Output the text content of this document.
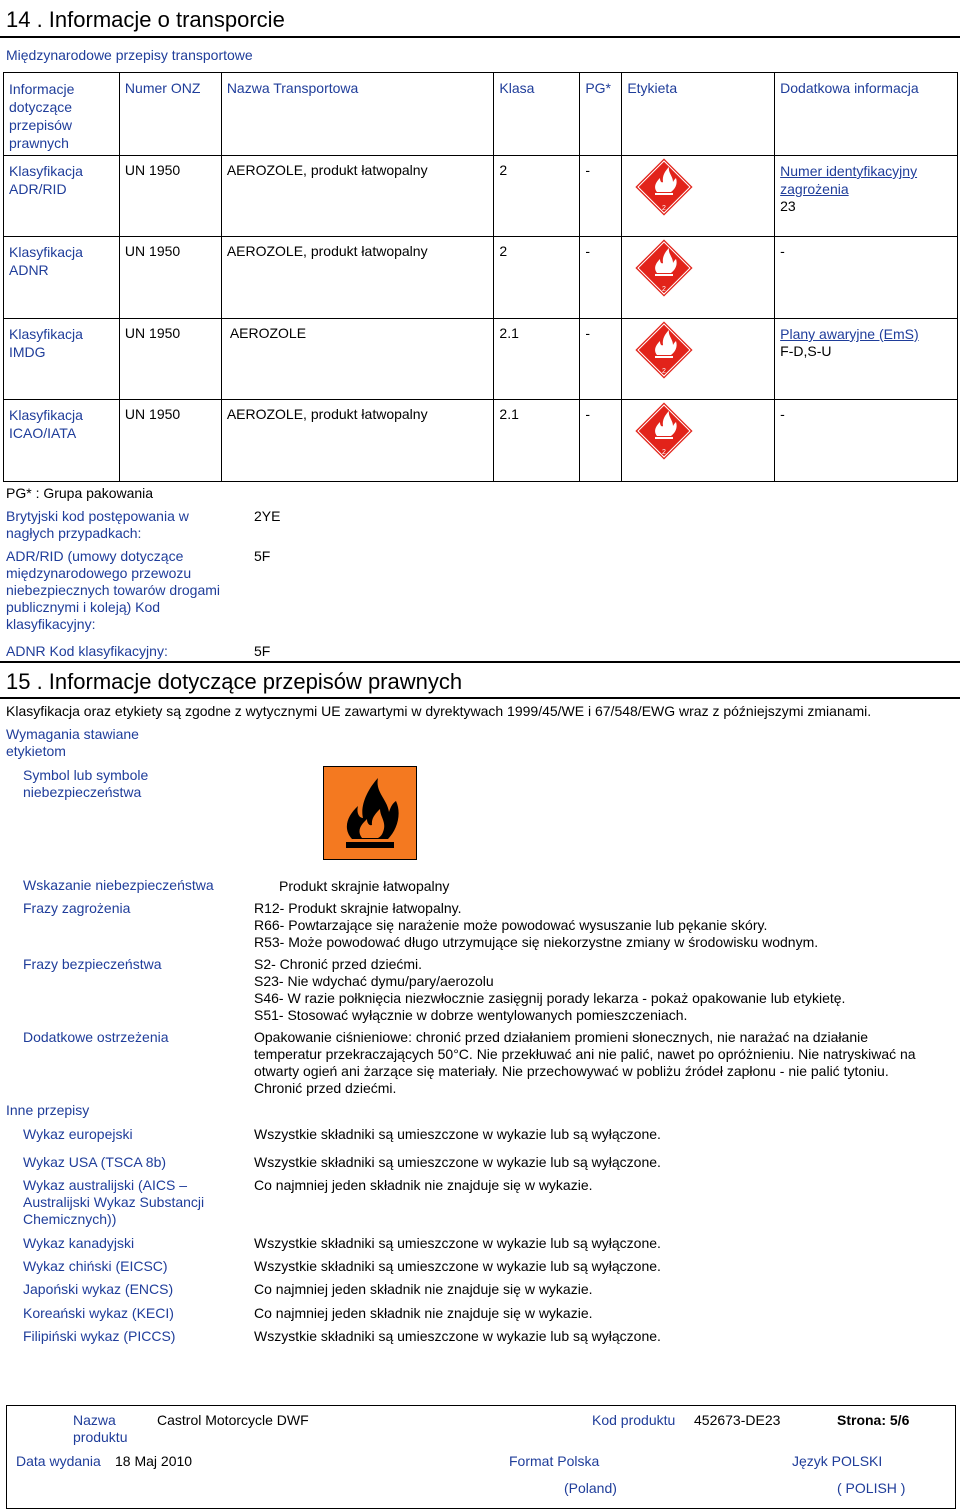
14 . Informacje o transporcie
Międzynarodowe przepisy transportowe
Informacje dotyczące przepisów prawnych	Numer ONZ	Nazwa Transportowa	Klasa	PG*	Etykieta	Dodatkowa informacja
Klasyfikacja ADR/RID	UN 1950	AEROZOLE, produkt łatwopalny	2	-	2	Numer identyfikacyjny zagrożenia
23

Klasyfikacja ADNR	UN 1950	AEROZOLE, produkt łatwopalny	2	-	2	-

Klasyfikacja IMDG	UN 1950	AEROZOLE	2.1	-	2	Plany awaryjne (EmS)
F-D,S-U

Klasyfikacja ICAO/IATA	UN 1950	AEROZOLE, produkt łatwopalny	2.1	-	2	-
PG* : Grupa pakowania
Brytyjski kod postępowania w nagłych przypadkach:
2YE
ADR/RID (umowy dotyczące międzynarodowego przewozu niebezpiecznych towarów drogami publicznymi i koleją) Kod klasyfikacyjny:
5F
ADNR Kod klasyfikacyjny:	5F
15 . Informacje dotyczące przepisów prawnych
Klasyfikacja oraz etykiety są zgodne z wytycznymi UE zawartymi w dyrektywach 1999/45/WE i 67/548/EWG wraz z późniejszymi zmianami.
Wymagania stawiane etykietom
Symbol lub symbole niebezpieczeństwa
Wskazanie niebezpieczeństwa	Produkt skrajnie łatwopalny
Frazy zagrożenia	R12- Produkt skrajnie łatwopalny.
R66- Powtarzające się narażenie może powodować wysuszanie lub pękanie skóry.
R53- Może powodować długo utrzymujące się niekorzystne zmiany w środowisku wodnym.
Frazy bezpieczeństwa	S2- Chronić przed dziećmi.
S23- Nie wdychać dymu/pary/aerozolu
S46- W razie połknięcia niezwłocznie zasięgnij porady lekarza - pokaż opakowanie lub etykietę.
S51- Stosować wyłącznie w dobrze wentylowanych pomieszczeniach.
Dodatkowe ostrzeżenia	Opakowanie ciśnieniowe: chronić przed działaniem promieni słonecznych, nie narażać na działanie
temperatur przekraczających 50°C. Nie przekłuwać ani nie palić, nawet po opróżnieniu. Nie natryskiwać na
otwarty ogień ani żarzące się materiały. Nie przechowywać w pobliżu źródeł zapłonu - nie palić tytoniu.
Chronić przed dziećmi.
Inne przepisy
Wykaz europejski	Wszystkie składniki są umieszczone w wykazie lub są wyłączone.
Wykaz USA (TSCA 8b)	Wszystkie składniki są umieszczone w wykazie lub są wyłączone.
Wykaz australijski (AICS – Australijski Wykaz Substancji Chemicznych))
Co najmniej jeden składnik nie znajduje się w wykazie.
Wykaz kanadyjski	Wszystkie składniki są umieszczone w wykazie lub są wyłączone.
Wykaz chiński (EICSC)	Wszystkie składniki są umieszczone w wykazie lub są wyłączone.
Japoński wykaz (ENCS)	Co najmniej jeden składnik nie znajduje się w wykazie.
Koreański wykaz (KECI)	Co najmniej jeden składnik nie znajduje się w wykazie.
Filipiński wykaz (PICCS)	Wszystkie składniki są umieszczone w wykazie lub są wyłączone.
Nazwa produktu
Castrol Motorcycle DWF	Kod produktu 452673-DE23	Strona: 5/6
Data wydania 18 Maj 2010	Format Polska
(Poland)
Język POLSKI
( POLISH )
